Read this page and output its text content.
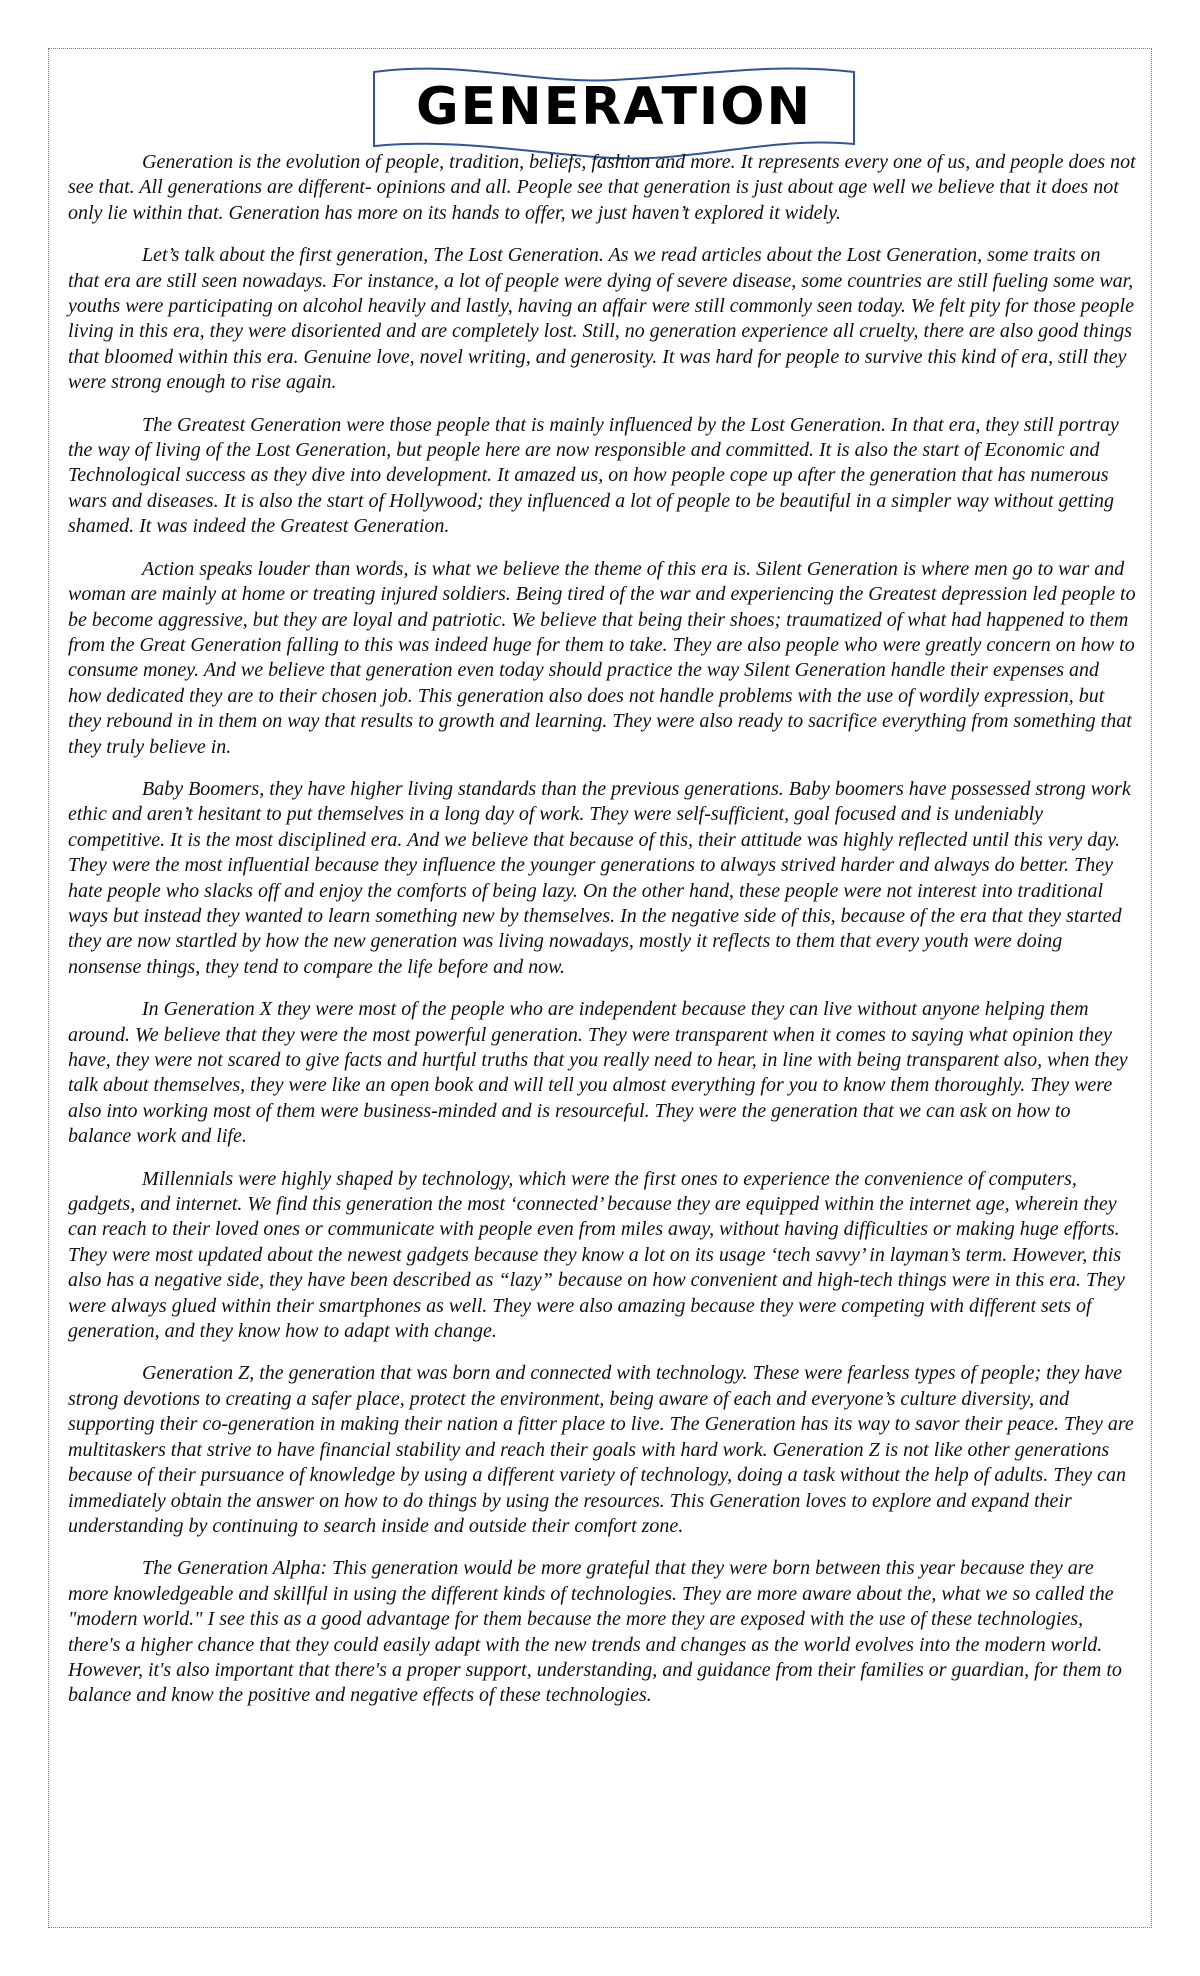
GENERATION

Generation is the evolution of people, tradition, beliefs, fashion and more. It represents every one of us, and people does not see that. All generations are different- opinions and all. People see that generation is just about age well we believe that it does not only lie within that. Generation has more on its hands to offer, we just haven’t explored it widely.

Let’s talk about the first generation, The Lost Generation. As we read articles about the Lost Generation, some traits on that era are still seen nowadays. For instance, a lot of people were dying of severe disease, some countries are still fueling some war, youths were participating on alcohol heavily and lastly, having an affair were still commonly seen today. We felt pity for those people living in this era, they were disoriented and are completely lost. Still, no generation experience all cruelty, there are also good things that bloomed within this era. Genuine love, novel writing, and generosity. It was hard for people to survive this kind of era, still they were strong enough to rise again.

The Greatest Generation were those people that is mainly influenced by the Lost Generation. In that era, they still portray the way of living of the Lost Generation, but people here are now responsible and committed. It is also the start of Economic and Technological success as they dive into development. It amazed us, on how people cope up after the generation that has numerous wars and diseases. It is also the start of Hollywood; they influenced a lot of people to be beautiful in a simpler way without getting shamed. It was indeed the Greatest Generation.

Action speaks louder than words, is what we believe the theme of this era is. Silent Generation is where men go to war and woman are mainly at home or treating injured soldiers. Being tired of the war and experiencing the Greatest depression led people to be become aggressive, but they are loyal and patriotic. We believe that being their shoes; traumatized of what had happened to them from the Great Generation falling to this was indeed huge for them to take. They are also people who were greatly concern on how to consume money. And we believe that generation even today should practice the way Silent Generation handle their expenses and how dedicated they are to their chosen job. This generation also does not handle problems with the use of wordily expression, but they rebound in in them on way that results to growth and learning. They were also ready to sacrifice everything from something that they truly believe in.

Baby Boomers, they have higher living standards than the previous generations. Baby boomers have possessed strong work ethic and aren’t hesitant to put themselves in a long day of work. They were self-sufficient, goal focused and is undeniably competitive. It is the most disciplined era. And we believe that because of this, their attitude was highly reflected until this very day. They were the most influential because they influence the younger generations to always strived harder and always do better. They hate people who slacks off and enjoy the comforts of being lazy. On the other hand, these people were not interest into traditional ways but instead they wanted to learn something new by themselves. In the negative side of this, because of the era that they started they are now startled by how the new generation was living nowadays, mostly it reflects to them that every youth were doing nonsense things, they tend to compare the life before and now.

In Generation X they were most of the people who are independent because they can live without anyone helping them around. We believe that they were the most powerful generation. They were transparent when it comes to saying what opinion they have, they were not scared to give facts and hurtful truths that you really need to hear, in line with being transparent also, when they talk about themselves, they were like an open book and will tell you almost everything for you to know them thoroughly. They were also into working most of them were business-minded and is resourceful. They were the generation that we can ask on how to balance work and life.

Millennials were highly shaped by technology, which were the first ones to experience the convenience of computers, gadgets, and internet. We find this generation the most ‘connected’ because they are equipped within the internet age, wherein they can reach to their loved ones or communicate with people even from miles away, without having difficulties or making huge efforts. They were most updated about the newest gadgets because they know a lot on its usage ‘tech savvy’ in layman’s term. However, this also has a negative side, they have been described as “lazy” because on how convenient and high-tech things were in this era. They were always glued within their smartphones as well. They were also amazing because they were competing with different sets of generation, and they know how to adapt with change.

Generation Z, the generation that was born and connected with technology. These were fearless types of people; they have strong devotions to creating a safer place, protect the environment, being aware of each and everyone’s culture diversity, and supporting their co-generation in making their nation a fitter place to live. The Generation has its way to savor their peace. They are multitaskers that strive to have financial stability and reach their goals with hard work. Generation Z is not like other generations because of their pursuance of knowledge by using a different variety of technology, doing a task without the help of adults. They can immediately obtain the answer on how to do things by using the resources. This Generation loves to explore and expand their understanding by continuing to search inside and outside their comfort zone.

The Generation Alpha: This generation would be more grateful that they were born between this year because they are more knowledgeable and skillful in using the different kinds of technologies. They are more aware about the, what we so called the "modern world." I see this as a good advantage for them because the more they are exposed with the use of these technologies, there's a higher chance that they could easily adapt with the new trends and changes as the world evolves into the modern world. However, it's also important that there's a proper support, understanding, and guidance from their families or guardian, for them to balance and know the positive and negative effects of these technologies.
